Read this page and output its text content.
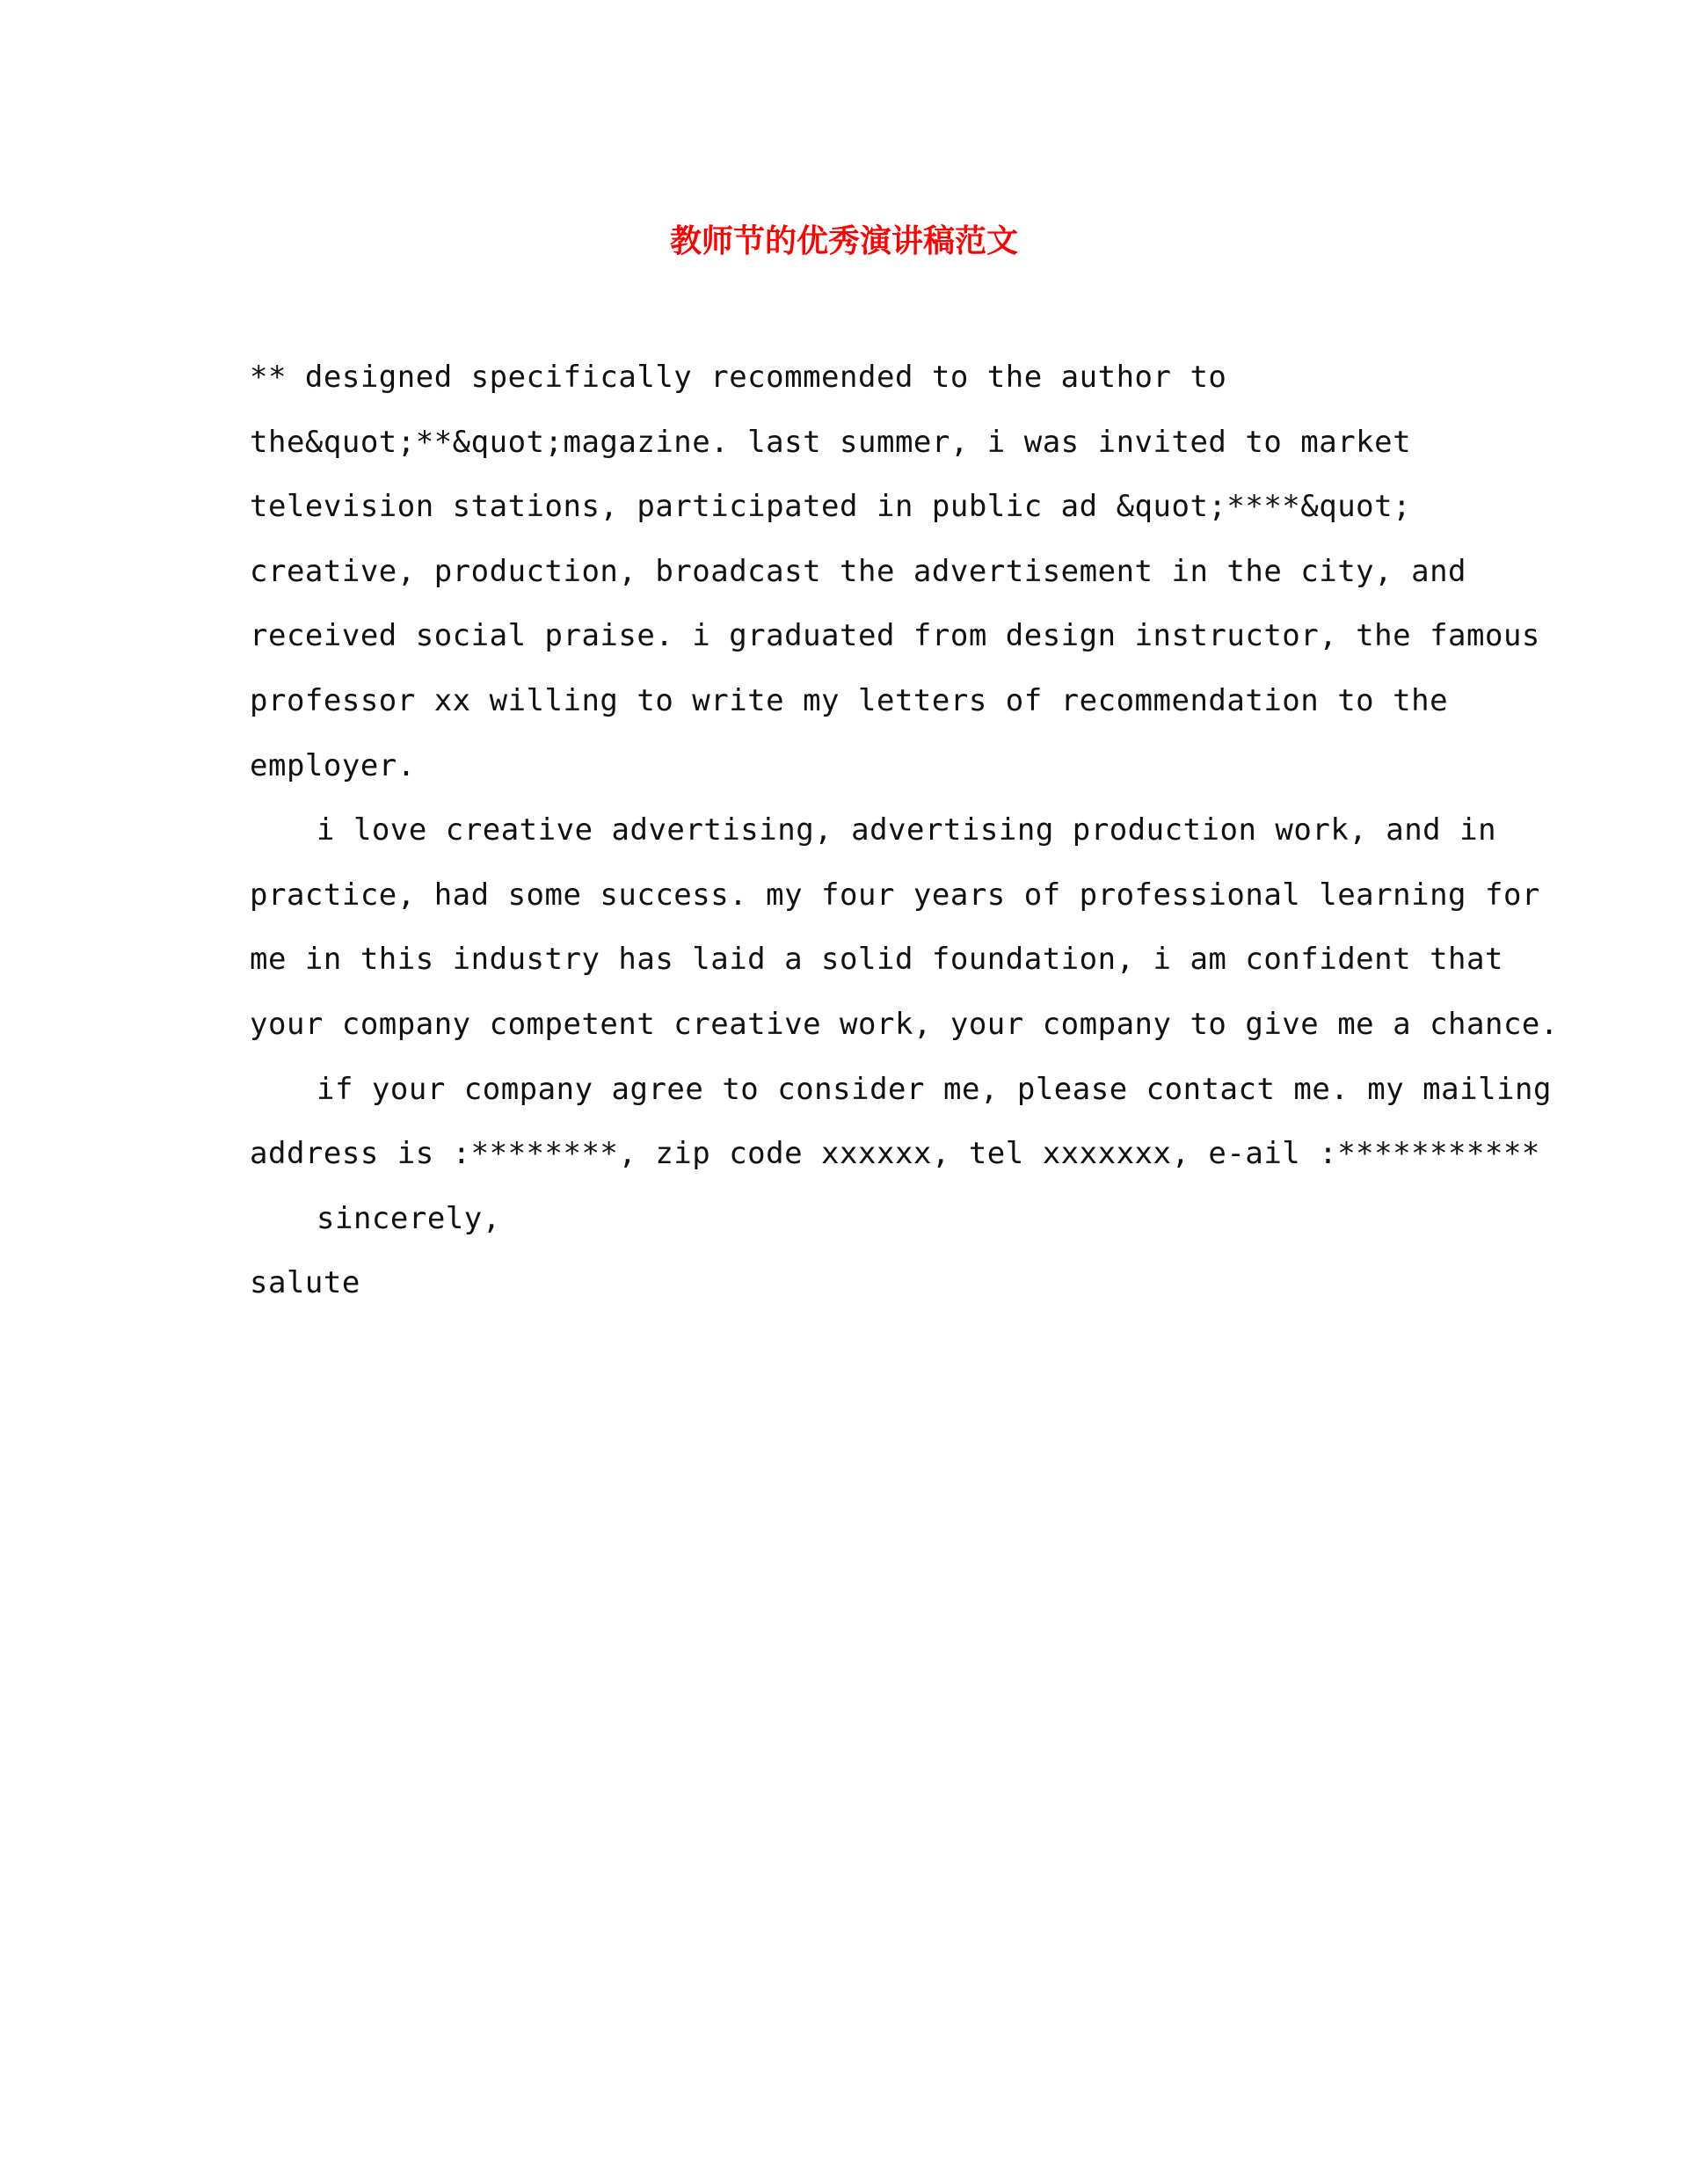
教师节的优秀演讲稿范文

** designed specifically recommended to the author to
the&quot;**&quot;magazine. last summer, i was invited to market
television stations, participated in public ad &quot;****&quot;
creative, production, broadcast the advertisement in the city, and
received social praise. i graduated from design instructor, the famous
professor xx willing to write my letters of recommendation to the
employer.

i love creative advertising, advertising production work, and in
practice, had some success. my four years of professional learning for
me in this industry has laid a solid foundation, i am confident that
your company competent creative work, your company to give me a chance.

if your company agree to consider me, please contact me. my mailing
address is :********, zip code xxxxxx, tel xxxxxxx, e-ail :***********

sincerely,

salute
